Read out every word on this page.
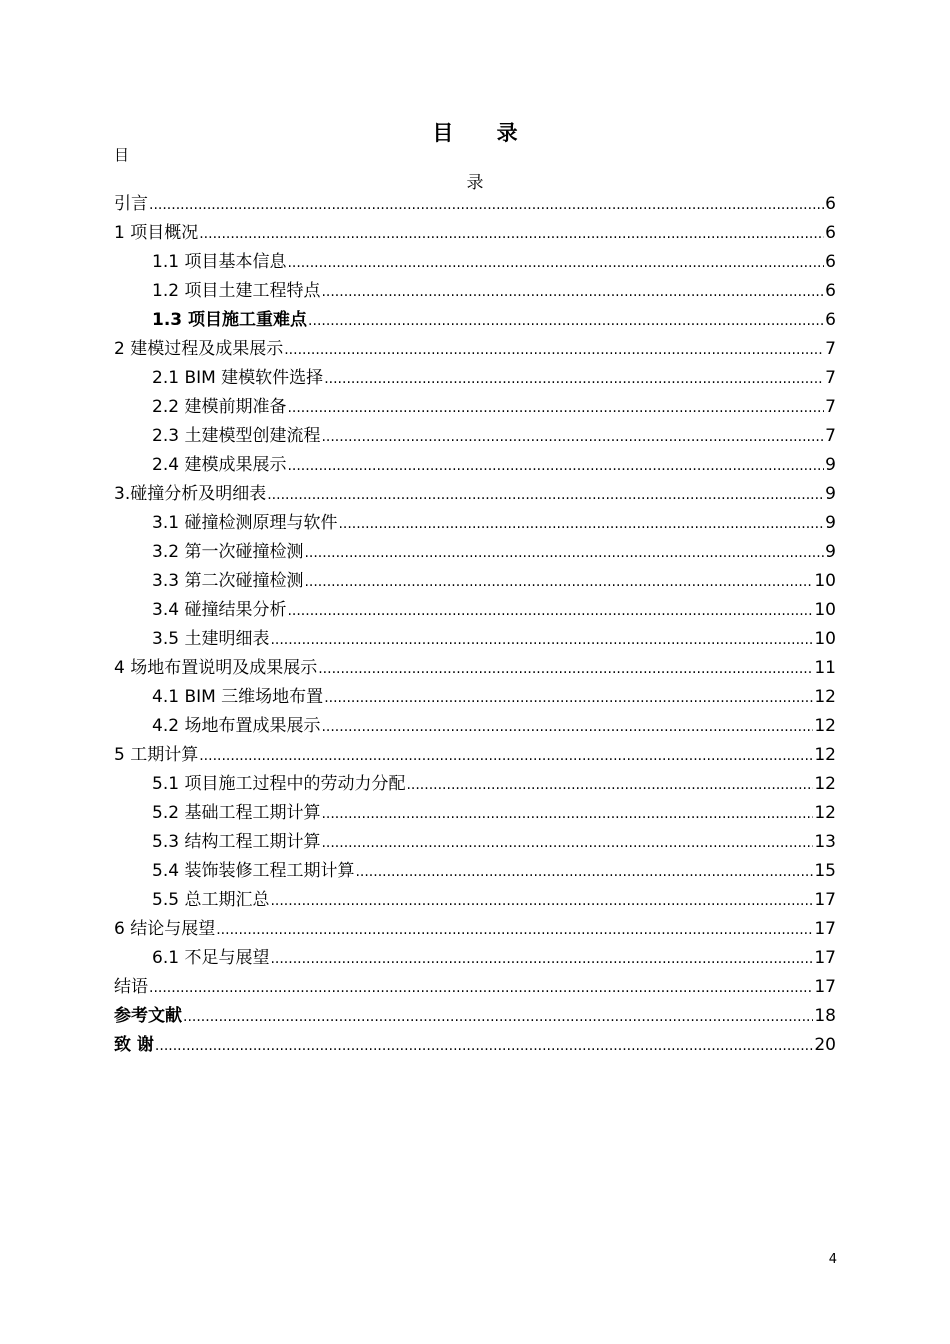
目 录
目
录
引言 .....	6
1 项目概况 .....	6
1.1 项目基本信息 .....	6
1.2 项目土建工程特点 .....	6
1.3 项目施工重难点 .....	6
2 建模过程及成果展示 .....	7
2.1 BIM 建模软件选择 .....	7
2.2 建模前期准备 .....	7
2.3 土建模型创建流程 .....	7
2.4 建模成果展示 .....	9
3.碰撞分析及明细表 .....	9
3.1 碰撞检测原理与软件 .....	9
3.2 第一次碰撞检测 .....	9
3.3 第二次碰撞检测 .....	10
3.4 碰撞结果分析 .....	10
3.5 土建明细表 .....	10
4 场地布置说明及成果展示 .....	11
4.1 BIM 三维场地布置 .....	12
4.2 场地布置成果展示 .....	12
5 工期计算 .....	12
5.1 项目施工过程中的劳动力分配 .....	12
5.2 基础工程工期计算 .....	12
5.3 结构工程工期计算 .....	13
5.4 装饰装修工程工期计算 .....	15
5.5 总工期汇总 .....	17
6 结论与展望 .....	17
6.1 不足与展望 .....	17
结语 .....	17
参考文献 .....	18
致 谢 .....	20
4
